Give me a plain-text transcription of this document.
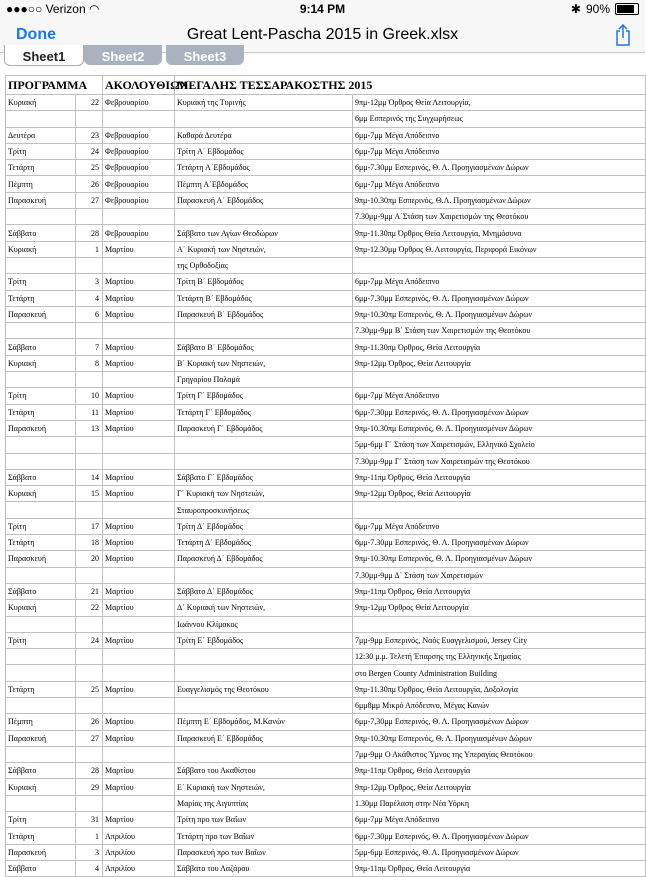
●●●○○ Verizon ◠	9:14 PM	✱ 90%
Done	Great Lent-Pascha 2015 in Greek.xlsx
Sheet1	Sheet2	Sheet3
ΠΡΟΓΡΑΜΜΑ		ΑΚΟΛΟΥΘΙΩΝ	ΜΕΓΑΛΗΣ ΤΕΣΣΑΡΑΚΟΣΤΗΣ 2015	
Κυριακή	22	Φεβρουαρίου	Κυριακή της Τυρινής	9πμ-12μμ Όρθρος Θεία Λειτουργία,
				6μμ Εσπερινός της Συγχωρήσεως
Δευτέρα	23	Φεβρουαρίου	Καθαρά Δευτέρα	6μμ-7μμ Μέγα Απόδειπνο
Τρίτη	24	Φεβρουαρίου	Τρίτη Α΄ Εβδομάδος	6μμ-7μμ Μέγα Απόδειπνο
Τετάρτη	25	Φεβρουαρίου	Τετάρτη Α΄Εβδομάδος	6μμ-7.30μμ Εσπερινός, Θ. Λ. Προηγιασμένων Δώρων
Πέμπτη	26	Φεβρουαρίου	Πέμπτη Α΄Εβδομάδος	6μμ-7μμ Μέγα Απόδειπνο
Παρασκευή	27	Φεβρουαρίου	Παρασκευή Α΄ Εβδομάδος	9πμ-10.30πμ Εσπερινός, Θ.Λ. Προηγιασμένων Δώρων
				7.30μμ-9μμ Α΄Στάση των Χαιρετισμών της Θεοτόκου
Σάββατο	28	Φεβρουαρίου	Σάββατο των Αγίων Θεοδώρων	9πμ-11.30πμ Όρθρος Θεία Λειτουργία, Μνημόσυνα
Κυριακή	1	Μαρτίου	Α΄ Κυριακή των Νηστειών,	9πμ-12.30μμ Όρθρος Θ. Λειτουργία, Περιφορά Εικόνων
			της Ορθοδοξίας	
Τρίτη	3	Μαρτίου	Τρίτη Β΄ Εβδομάδος	6μμ-7μμ Μέγα Απόδειπνο
Τετάρτη	4	Μαρτίου	Τετάρτη Β΄ Εβδομάδος	6μμ-7.30μμ Εσπερινός, Θ. Λ. Προηγιασμένων Δώρων
Παρασκευή	6	Μαρτίου	Παρασκευή Β΄ Εβδομάδος	9πμ-10.30πμ Εσπερινός, Θ. Λ. Προηγιασμένων Δώρων
				7.30μμ-9μμ Β΄ Στάση των Χαιρετισμών της Θεοτόκου
Σάββατο	7	Μαρτίου	Σάββατο Β΄ Εβδομάδος	9πμ-11.30πμ Όρθρος, Θεία Λειτουργία
Κυριακή	8	Μαρτίου	Β΄ Κυριακή των Νηστειών,	9πμ-12μμ Όρθρος, Θεία Λειτουργία
			Γρηγορίου Παλαμά	
Τρίτη	10	Μαρτίου	Τρίτη Γ΄ Εβδομάδος	6μμ-7μμ Μέγα Απόδειπνο
Τετάρτη	11	Μαρτίου	Τετάρτη Γ΄ Εβδομάδος	6μμ-7.30μμ Εσπερινός, Θ. Λ. Προηγιασμένων Δώρων
Παρασκευή	13	Μαρτίου	Παρασκευή Γ΄ Εβδομάδος	9πμ-10.30πμ Εσπερινός, Θ. Λ. Προηγιασμένων Δώρων
				5μμ-6μμ Γ΄ Στάση των Χαιρετισμών, Ελληνικό Σχολείο
				7.30μμ-9μμ Γ΄ Στάση των Χαιρετισμών της Θεοτόκου
Σάββατο	14	Μαρτίου	Σάββατο Γ΄ Εβδομάδος	9πμ-11πμ Όρθρος, Θεία Λειτουργία
Κυριακή	15	Μαρτίου	Γ΄ Κυριακή των Νηστειών,	9πμ-12μμ Όρθρος, Θεία Λειτουργία
			Σταυροπροσκυνήσεως	
Τρίτη	17	Μαρτίου	Τρίτη Δ΄ Εβδομάδος	6μμ-7μμ Μέγα Απόδειπνο
Τετάρτη	18	Μαρτίου	Τετάρτη Δ΄ Εβδομάδος	6μμ-7.30μμ Εσπερινός, Θ. Λ. Προηγιασμένων Δώρων
Παρασκευή	20	Μαρτίου	Παρασκευή Δ΄ Εβδομάδος	9πμ-10.30πμ Εσπερινός, Θ. Λ. Προηγιασμένων Δώρων
				7.30μμ-9μμ Δ΄ Στάση των Χαιρετισμών
Σάββατο	21	Μαρτίου	Σάββατο Δ΄ Εβδομάδος	9πμ-11πμ Όρθρος, Θεία Λειτουργία
Κυριακή	22	Μαρτίου	Δ΄ Κυριακή των Νηστειών,	9πμ-12μμ Όρθρος Θεία Λειτουργία
			Ιωάννου Κλίμακος	
Τρίτη	24	Μαρτίου	Τρίτη Ε΄ Εβδομάδος	7μμ-9μμ Εσπερινός, Ναός Ευαγγελισμού, Jersey City
				12:30 μ.μ. Τελετή Έπαρσης της Ελληνικής Σημαίας
				στο Bergen County Administration Building
Τετάρτη	25	Μαρτίου	Ευαγγελισμός της Θεοτόκου	9πμ-11.30πμ Όρθρος, Θεία Λειτουργία, Δοξολογία
				6μμ8μμ Μικρό Απόδειπνο, Μέγας Κανών
Πέμπτη	26	Μαρτίου	Πέμπτη Ε΄ Εβδομάδος, Μ.Κανών	6μμ-7,30μμ Εσπερινός, Θ. Λ. Προηγιασμένων Δώρων
Παρασκευή	27	Μαρτίου	Παρασκευή Ε΄ Εβδομάδος	9πμ-10.30πμ Εσπερινός, Θ. Λ. Προηγιασμένων Δώρων
				7μμ-9μμ Ο Ακάθιστος Ύμνος της Υπεραγίας Θεοτόκου
Σάββατο	28	Μαρτίου	Σάββατο του Ακαθίστου	9πμ-11πμ Όρθρος, Θεία Λειτουργία
Κυριακή	29	Μαρτίου	Ε΄ Κυριακή των Νηστειών,	9πμ-12μμ Όρθρος, Θεία Λειτουργία
			Μαρίας της Αιγυπτίας	1.30μμ Παρέλαση στην Νέα Υόρκη
Τρίτη	31	Μαρτίου	Τρίτη προ των Βαΐων	6μμ-7μμ Μέγα Απόδειπνο
Τετάρτη	1	Απριλίου	Τετάρτη προ των Βαΐων	6μμ-7.30μμ Εσπερινός, Θ. Λ. Προηγιασμένων Δώρων
Παρασκευή	3	Απριλίου	Παρασκευή προ των Βαΐων	5μμ-6μμ Εσπερινός, Θ. Λ. Προηγιασμένων Δώρων
Σάββατο	4	Απριλίου	Σάββατο του Λαζάρου	9πμ-11πμ Όρθρος, Θεία Λειτουργία
